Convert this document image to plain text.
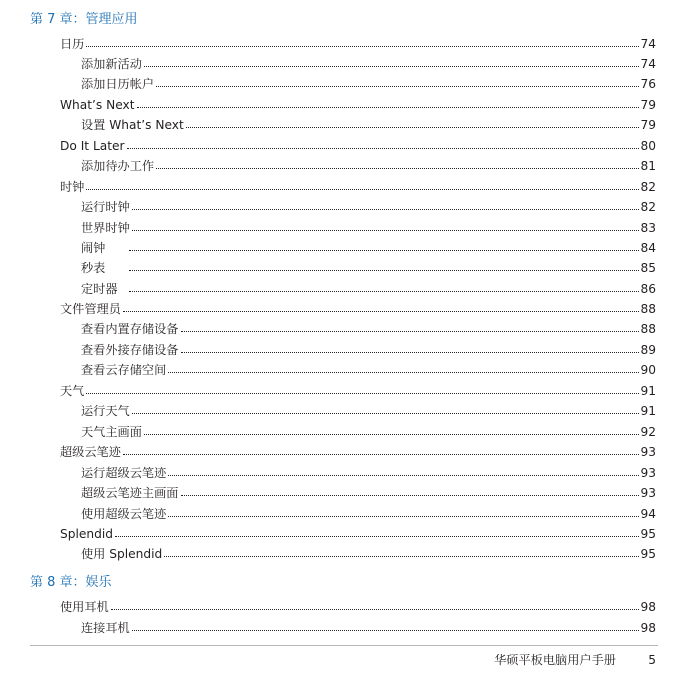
第 7 章：管理应用
日历	74
添加新活动	74
添加日历帐户	76
What’s Next	79
设置 What’s Next	79
Do It Later	80
添加待办工作	81
时钟	82
运行时钟	82
世界时钟	83
闹钟	84
秒表	85
定时器	86
文件管理员	88
查看内置存储设备	88
查看外接存储设备	89
查看云存储空间	90
天气	91
运行天气	91
天气主画面	92
超级云笔迹	93
运行超级云笔迹	93
超级云笔迹主画面	93
使用超级云笔迹	94
Splendid	95
使用 Splendid	95
第 8 章：娱乐
使用耳机	98
连接耳机	98
华硕平板电脑用户手册	5
